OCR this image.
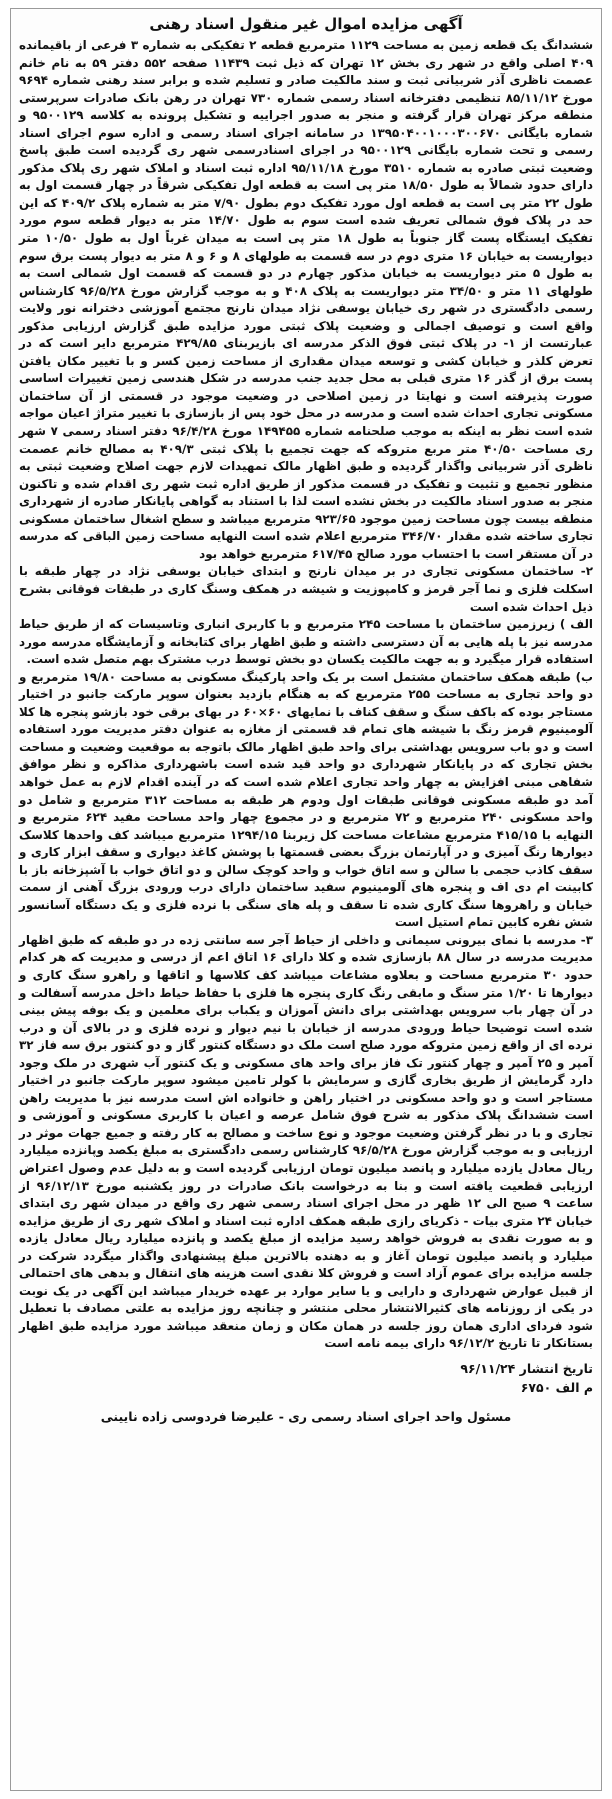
آگهی مزایده اموال غیر منقول اسناد رهنی

ششدانگ یک قطعه زمین به مساحت ۱۱۲۹ مترمربع قطعه ۲ تفکیکی به شماره ۳ فرعی از باقیمانده ۴۰۹ اصلی واقع در شهر ری بخش ۱۲ تهران که ذیل ثبت ۱۱۴۳۹ صفحه ۵۵۲ دفتر ۵۹ به نام خانم عصمت ناظری آذر شربیانی ثبت و سند مالکیت صادر و تسلیم شده و برابر سند رهنی شماره ۹۶۹۴ مورخ ۸۵/۱۱/۱۲ تنظیمی دفترخانه اسناد رسمی شماره ۷۳۰ تهران در رهن بانک صادرات سرپرستی منطقه مرکز تهران قرار گرفته و منجر به صدور اجراییه و تشکیل پرونده به کلاسه ۹۵۰۰۱۲۹ و شماره بایگانی ۱۳۹۵۰۴۰۰۱۰۰۰۳۰۰۶۷۰ در سامانه اجرای اسناد رسمی و اداره سوم اجرای اسناد رسمی و تحت شماره بایگانی ۹۵۰۰۱۲۹ در اجرای اسنادرسمی شهر ری گردیده است طبق پاسخ وضعیت ثبتی صادره به شماره ۳۵۱۰ مورخ ۹۵/۱۱/۱۸ اداره ثبت اسناد و املاک شهر ری پلاک مذکور دارای حدود شمالاً به طول ۱۸/۵۰ متر پی است به قطعه اول تفکیکی شرقاً در چهار قسمت اول به طول ۲۲ متر پی است به قطعه اول مورد تفکیک دوم بطول ۷/۹۰ متر به شماره پلاک ۴۰۹/۲ که این حد در پلاک فوق شمالی تعریف شده است سوم به طول ۱۴/۷۰ متر به دیوار قطعه سوم مورد تفکیک ایستگاه پست گاز جنوباً به طول ۱۸ متر پی است به میدان غرباً اول به طول ۱۰/۵۰ متر دیواریست به خیابان ۱۶ متری دوم در سه قسمت به طولهای ۸ و ۶ و ۸ متر به دیوار پست برق سوم به طول ۵ متر دیواریست به خیابان مذکور چهارم در دو قسمت که قسمت اول شمالی است به طولهای ۱۱ متر و ۳۴/۵۰ متر دیواریست به پلاک ۴۰۸ و به موجب گزارش مورخ ۹۶/۵/۲۸ کارشناس رسمی دادگستری در شهر ری خیابان یوسفی نژاد میدان نارنج مجتمع آموزشی دخترانه نور ولایت واقع است و توصیف اجمالی و وضعیت پلاک ثبتی مورد مزایده طبق گزارش ارزیابی مذکور عبارتست از ۱- در پلاک ثبتی فوق الذکر مدرسه ای بازیربنای ۴۲۹/۸۵ مترمربع دایر است که در تعرض کلذر و خیابان کشی و توسعه میدان مقداری از مساحت زمین کسر و با تغییر مکان یافتن پست برق از گذر ۱۶ متری قبلی به محل جدید جنب مدرسه در شکل هندسی زمین تغییرات اساسی صورت پذیرفته است و نهایتا در زمین اصلاحی در وضعیت موجود در قسمتی از آن ساختمان مسکونی تجاری احداث شده است و مدرسه در محل خود پس از بازسازی با تغییر متراژ اعیان مواجه شده است نظر به اینکه به موجب صلحنامه شماره ۱۴۹۴۵۵ مورخ ۹۶/۴/۲۸ دفتر اسناد رسمی ۷ شهر ری مساحت ۴۰/۵۰ متر مربع متروکه که جهت تجمیع با پلاک ثبتی ۴۰۹/۳ به مصالح خانم عصمت ناظری آذر شربیانی واگذار گردیده و طبق اظهار مالک تمهیدات لازم جهت اصلاح وضعیت ثبتی به منظور تجمیع و تثبیت و تفکیک در قسمت مذکور از طریق اداره ثبت شهر ری اقدام شده و تاکنون منجر به صدور اسناد مالکیت در بخش نشده است لذا با استناد به گواهی پایانکار صادره از شهرداری منطقه بیست چون مساحت زمین موجود ۹۲۳/۶۵ مترمربع میباشد و سطح اشغال ساختمان مسکونی تجاری ساخته شده مقدار ۳۴۶/۷۰ مترمربع اعلام شده است النهایه مساحت زمین الباقی که مدرسه در آن مستقر است با احتساب مورد صالح ۶۱۷/۴۵ مترمربع خواهد بود

۲- ساختمان مسکونی تجاری در بر میدان نارنج و ابتدای خیابان یوسفی نژاد در چهار طبقه با اسکلت فلزی و نما آجر قرمز و کامپوزیت و شیشه در همکف وسنگ کاری در طبقات فوقانی بشرح ذیل احداث شده است

الف ) زیرزمین ساختمان با مساحت ۲۴۵ مترمربع و با کاربری انباری وتاسیسات که از طریق حیاط مدرسه نیز با پله هایی به آن دسترسی داشته و طبق اظهار برای کتابخانه و آزمایشگاه مدرسه مورد استفاده قرار میگیرد و به جهت مالکیت یکسان دو بخش توسط درب مشترک بهم متصل شده است.

ب) طبقه همکف ساختمان مشتمل است بر یک واحد پارکینگ مسکونی به مساحت ۱۹/۸۰ مترمربع و دو واحد تجاری به مساحت ۲۵۵ مترمربع که به هنگام بازدید بعنوان سوپر مارکت جانبو در اختیار مستاجر بوده که باکف سنگ و سقف کناف با نمایهای ۶۰×۶۰ در بهای برقی خود بازشو پنجره ها کلا آلومینیوم قرمز رنگ با شیشه های تمام قد قسمتی از مغازه به عنوان دفتر مدیریت مورد استفاده است و دو باب سرویس بهداشتی برای واحد طبق اظهار مالک باتوجه به موقعیت وضعیت و مساحت بخش تجاری که در پایانکار شهرداری دو واحد قید شده است باشهرداری مذاکره و نظر موافق شفاهی مبنی افزایش به چهار واحد تجاری اعلام شده است که در آینده اقدام لازم به عمل خواهد آمد دو طبقه مسکونی فوقانی طبقات اول ودوم هر طبقه به مساحت ۳۱۲ مترمربع و شامل دو واحد مسکونی ۲۴۰ مترمربع و ۷۲ مترمربع و در مجموع چهار واحد مساحت مفید ۶۲۴ مترمربع و النهایه با ۴۱۵/۱۵ مترمربع مشاعات مساحت کل زیربنا ۱۲۹۴/۱۵ مترمربع میباشد کف واحدها کلاسک دیوارها رنگ آمیزی و در آپارتمان بزرگ بعضی قسمتها با پوشش کاغذ دیواری و سقف ابزار کاری و سقف کاذب حجمی با سالن و سه اتاق خواب و واحد کوچک سالن و دو اتاق خواب با آشپزخانه باز با کابینت ام دی اف و پنجره های آلومینیوم سفید ساختمان دارای درب ورودی بزرگ آهنی از سمت خیابان و راهروها سنگ کاری شده تا سقف و پله های سنگی با نرده فلزی و یک دستگاه آسانسور شش نفره کابین تمام استیل است

۳- مدرسه با نمای بیرونی سیمانی و داخلی از حیاط آجر سه سانتی زده در دو طبقه که طبق اظهار مدیریت مدرسه در سال ۸۸ بازسازی شده و کلا دارای ۱۶ اتاق اعم از درسی و مدیریت که هر کدام حدود ۳۰ مترمربع مساحت و بعلاوه مشاعات میباشد کف کلاسها و اتاقها و راهرو سنگ کاری و دیوارها تا ۱/۲۰ متر سنگ و مابقی رنگ کاری پنجره ها فلزی با حفاظ حیاط داخل مدرسه آسفالت و در آن چهار باب سرویس بهداشتی برای دانش آموزان و یکباب برای معلمین و یک بوفه پیش بینی شده است توضیحا حیاط ورودی مدرسه از خیابان با نیم دیوار و نرده فلزی و در بالای آن و درب نرده ای از واقع زمین متروکه مورد صلح است ملک دو دستگاه کنتور گاز و دو کنتور برق سه فاز ۳۲ آمپر و ۲۵ آمپر و چهار کنتور تک فاز برای واحد های مسکونی و یک کنتور آب شهری در ملک وجود دارد گرمایش از طریق بخاری گازی و سرمایش با کولر تامین میشود سوپر مارکت جانبو در اختیار مستاجر است و دو واحد مسکونی در اختیار راهن و خانواده اش است مدرسه نیز با مدیریت راهن است ششدانگ پلاک مذکور به شرح فوق شامل عرصه و اعیان با کاربری مسکونی و آموزشی و تجاری و با در نظر گرفتن وضعیت موجود و نوع ساخت و مصالح به کار رفته و جمیع جهات موثر در ارزیابی و به موجب گزارش مورخ ۹۶/۵/۲۸ کارشناس رسمی دادگستری به مبلغ یکصد وپانزده میلیارد ریال معادل یازده میلیارد و پانصد میلیون تومان ارزیابی گردیده است و به دلیل عدم وصول اعتراض ارزیابی قطعیت یافته است و بنا به درخواست بانک صادرات در روز یکشنبه مورخ ۹۶/۱۲/۱۳ از ساعت ۹ صبح الی ۱۲ ظهر در محل اجرای اسناد رسمی شهر ری واقع در میدان شهر ری ابتدای خیابان ۲۴ متری بیات - ذکریای رازی طبقه همکف اداره ثبت اسناد و املاک شهر ری از طریق مزایده و به صورت نقدی به فروش خواهد رسید مزایده از مبلغ یکصد و پانزده میلیارد ریال معادل یازده میلیارد و پانصد میلیون تومان آغاز و به دهنده بالاترین مبلغ پیشنهادی واگذار میگردد شرکت در جلسه مزایده برای عموم آزاد است و فروش کلا نقدی است هزینه های انتقال و بدهی های احتمالی از قبیل عوارض شهرداری و دارایی و یا سایر موارد بر عهده خریدار میباشد این آگهی در یک نوبت در یکی از روزنامه های کثیرالانتشار محلی منتشر و چنانچه روز مزایده به علتی مصادف با تعطیل شود فردای اداری همان روز جلسه در همان مکان و زمان منعقد میباشد مورد مزایده طبق اظهار بستانکار تا تاریخ ۹۶/۱۲/۲ دارای بیمه نامه است

تاریخ انتشار ۹۶/۱۱/۲۴
م الف ۶۷۵۰
مسئول واحد اجرای اسناد رسمی ری - علیرضا فردوسی زاده نایینی
